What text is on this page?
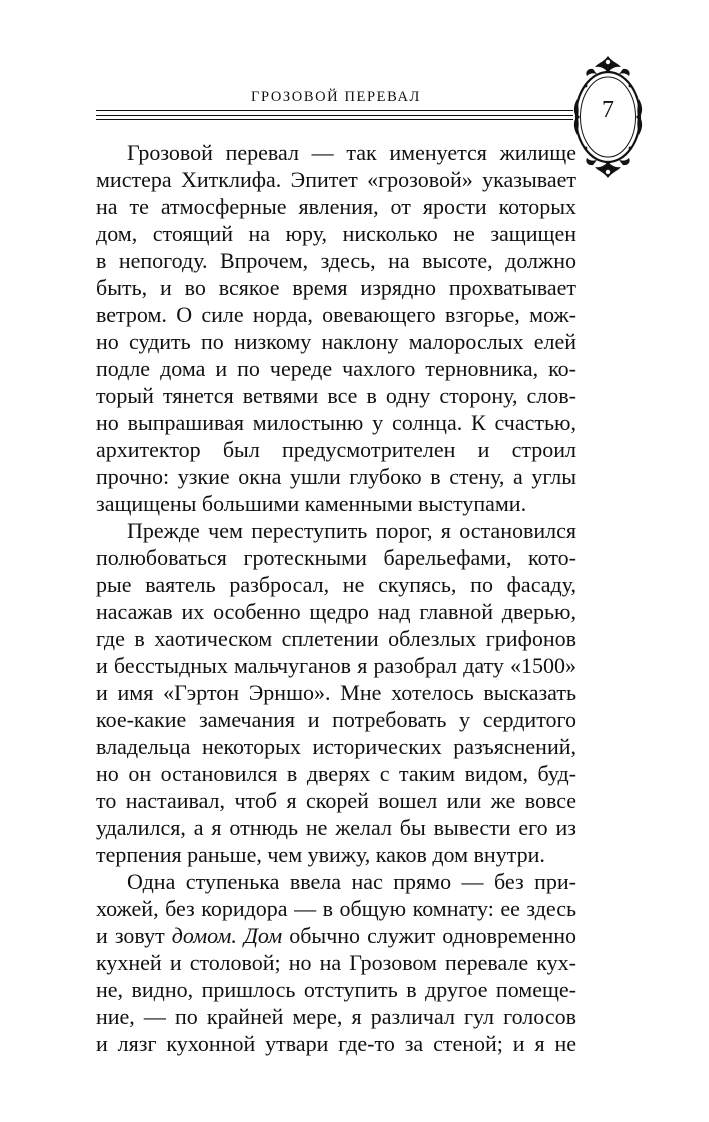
ГРОЗОВОЙ ПЕРЕВАЛ	7

Грозовой перевал — так именуется жилище
мистера Хитклифа. Эпитет «грозовой» указывает
на те атмосферные явления, от ярости которых
дом, стоящий на юру, нисколько не защищен
в непогоду. Впрочем, здесь, на высоте, должно
быть, и во всякое время изрядно прохватывает
ветром. О силе норда, овевающего взгорье, мож-
но судить по низкому наклону малорослых елей
подле дома и по череде чахлого терновника, ко-
торый тянется ветвями все в одну сторону, слов-
но выпрашивая милостыню у солнца. К счастью,
архитектор был предусмотрителен и строил
прочно: узкие окна ушли глубоко в стену, а углы
защищены большими каменными выступами.

Прежде чем переступить порог, я остановился
полюбоваться гротескными барельефами, кото-
рые ваятель разбросал, не скупясь, по фасаду,
насажав их особенно щедро над главной дверью,
где в хаотическом сплетении облезлых грифонов
и бесстыдных мальчуганов я разобрал дату «1500»
и имя «Гэртон Эрншо». Мне хотелось высказать
кое-какие замечания и потребовать у сердитого
владельца некоторых исторических разъяснений,
но он остановился в дверях с таким видом, буд-
то настаивал, чтоб я скорей вошел или же вовсе
удалился, а я отнюдь не желал бы вывести его из
терпения раньше, чем увижу, каков дом внутри.

Одна ступенька ввела нас прямо — без при-
хожей, без коридора — в общую комнату: ее здесь
и зовут домом. Дом обычно служит одновременно
кухней и столовой; но на Грозовом перевале кух-
не, видно, пришлось отступить в другое помеще-
ние, — по крайней мере, я различал гул голосов
и лязг кухонной утвари где-то за стеной; и я не
